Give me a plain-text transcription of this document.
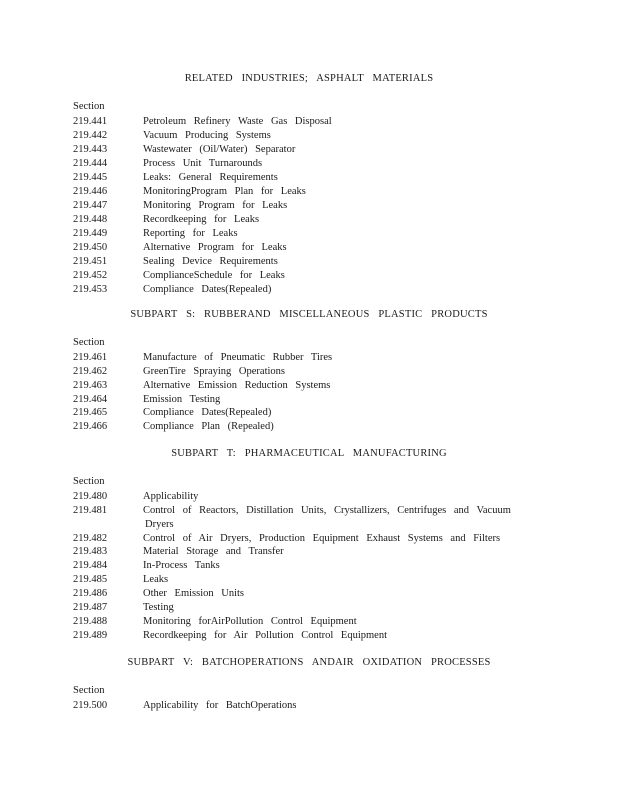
RELATED INDUSTRIES; ASPHALT MATERIALS
Section
219.441	Petroleum Refinery Waste Gas Disposal
219.442	Vacuum Producing Systems
219.443	Wastewater (Oil/Water) Separator
219.444	Process Unit Turnarounds
219.445	Leaks: General Requirements
219.446	MonitoringProgram Plan for Leaks
219.447	Monitoring Program for Leaks
219.448	Recordkeeping for Leaks
219.449	Reporting for Leaks
219.450	Alternative Program for Leaks
219.451	Sealing Device Requirements
219.452	ComplianceSchedule for Leaks
219.453	Compliance Dates(Repealed)
SUBPART S: RUBBERAND MISCELLANEOUS PLASTIC PRODUCTS
Section
219.461	Manufacture of Pneumatic Rubber Tires
219.462	GreenTire Spraying Operations
219.463	Alternative Emission Reduction Systems
219.464	Emission Testing
219.465	Compliance Dates(Repealed)
219.466	Compliance Plan (Repealed)
SUBPART T: PHARMACEUTICAL MANUFACTURING
Section
219.480	Applicability
219.481	Control of Reactors, Distillation Units, Crystallizers, Centrifuges and Vacuum
Dryers
219.482	Control of Air Dryers, Production Equipment Exhaust Systems and Filters
219.483	Material Storage and Transfer
219.484	In-Process Tanks
219.485	Leaks
219.486	Other Emission Units
219.487	Testing
219.488	Monitoring forAirPollution Control Equipment
219.489	Recordkeeping for Air Pollution Control Equipment
SUBPART V: BATCHOPERATIONS ANDAIR OXIDATION PROCESSES
Section
219.500	Applicability for BatchOperations
